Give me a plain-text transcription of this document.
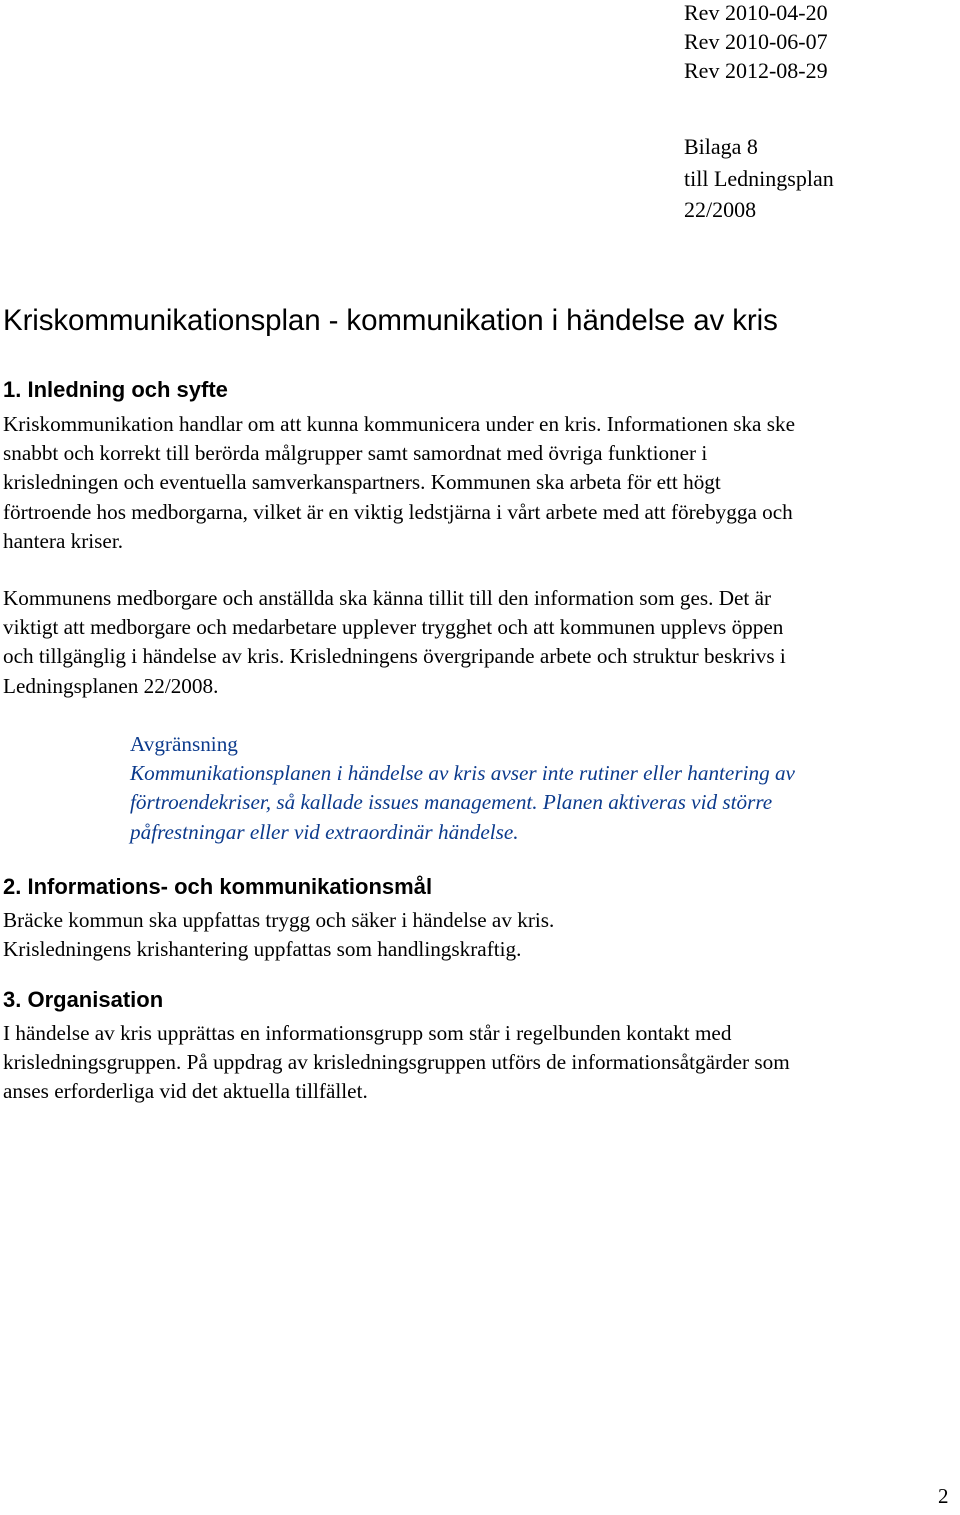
Rev 2010-04-20
Rev 2010-06-07
Rev 2012-08-29
Bilaga 8
till Ledningsplan
22/2008
Kriskommunikationsplan - kommunikation i händelse av kris
1. Inledning och syfte

Kriskommunikation handlar om att kunna kommunicera under en kris. Informationen ska ske
snabbt och korrekt till berörda målgrupper samt samordnat med övriga funktioner i
krisledningen och eventuella samverkanspartners. Kommunen ska arbeta för ett högt
förtroende hos medborgarna, vilket är en viktig ledstjärna i vårt arbete med att förebygga och
hantera kriser.

Kommunens medborgare och anställda ska känna tillit till den information som ges. Det är
viktigt att medborgare och medarbetare upplever trygghet och att kommunen upplevs öppen
och tillgänglig i händelse av kris. Krisledningens övergripande arbete och struktur beskrivs i
Ledningsplanen 22/2008.

Avgränsning
Kommunikationsplanen i händelse av kris avser inte rutiner eller hantering av
förtroendekriser, så kallade issues management. Planen aktiveras vid större
påfrestningar eller vid extraordinär händelse.
2. Informations- och kommunikationsmål

Bräcke kommun ska uppfattas trygg och säker i händelse av kris.
Krisledningens krishantering uppfattas som handlingskraftig.

3. Organisation

I händelse av kris upprättas en informationsgrupp som står i regelbunden kontakt med
krisledningsgruppen. På uppdrag av krisledningsgruppen utförs de informationsåtgärder som
anses erforderliga vid det aktuella tillfället.

2
